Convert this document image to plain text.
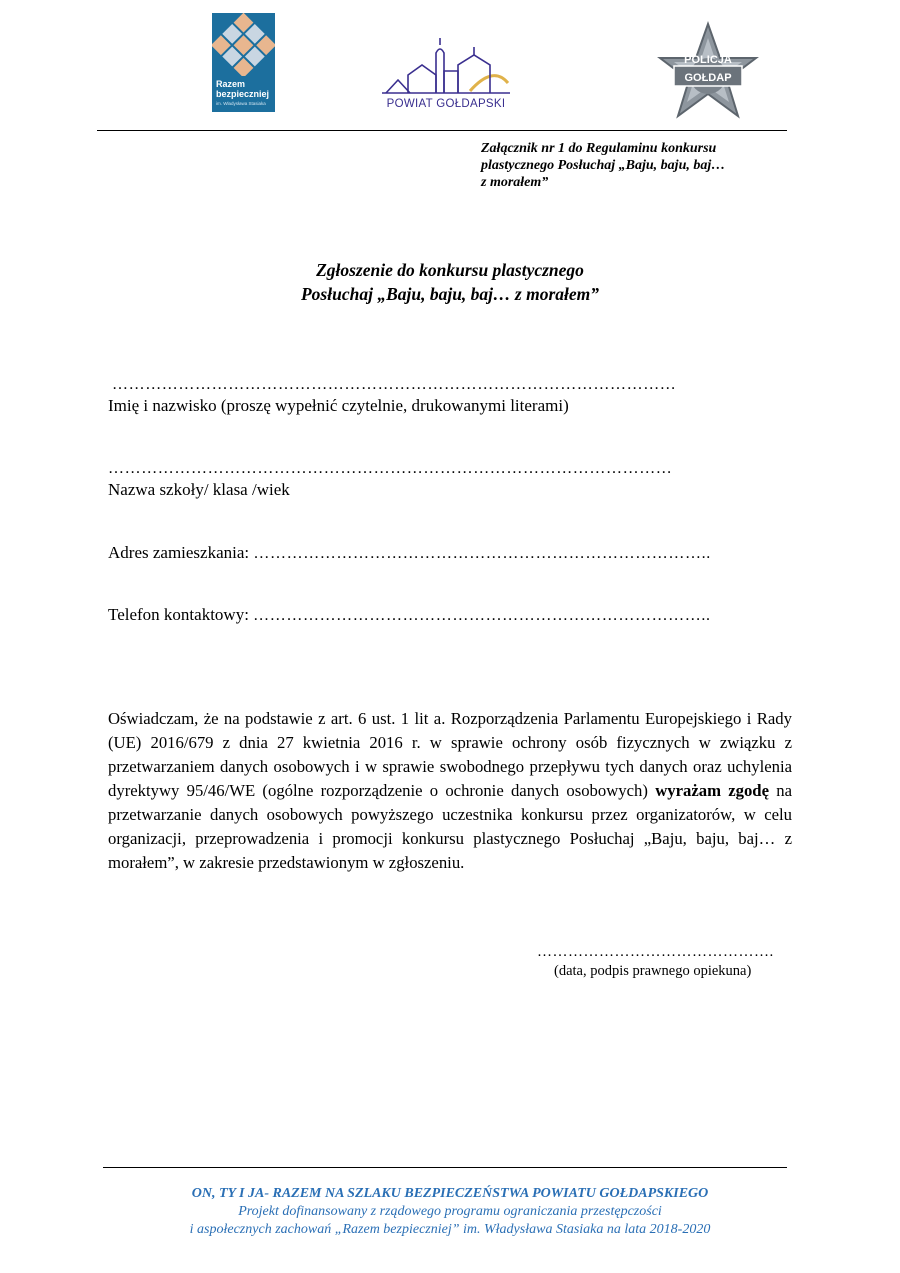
Razem
bezpieczniej
im. Władysława Stasiaka	POWIAT GOŁDAPSKI
POLICJA
GOŁDAP
Załącznik nr 1 do Regulaminu konkursu
plastycznego Posłuchaj „Baju, baju, baj…
z morałem”
Zgłoszenie do konkursu plastycznego
Posłuchaj „Baju, baju, baj… z morałem”
…………………………………………………………………………………………
Imię i nazwisko (proszę wypełnić czytelnie, drukowanymi literami)
…………………………………………………………………………………………
Nazwa szkoły/ klasa /wiek
Adres zamieszkania: ………………………………………………………………………..
Telefon kontaktowy: ………………………………………………………………………..
Oświadczam, że na podstawie z art. 6 ust. 1 lit a. Rozporządzenia Parlamentu Europejskiego i Rady (UE) 2016/679 z dnia 27 kwietnia 2016 r. w sprawie ochrony osób fizycznych w związku z przetwarzaniem danych osobowych i w sprawie swobodnego przepływu tych danych oraz uchylenia dyrektywy 95/46/WE (ogólne rozporządzenie o ochronie danych osobowych) wyrażam zgodę na przetwarzanie danych osobowych powyższego uczestnika konkursu przez organizatorów, w celu organizacji, przeprowadzenia i promocji konkursu plastycznego Posłuchaj „Baju, baju, baj… z morałem”, w zakresie przedstawionym w zgłoszeniu.
……………………………………….
(data, podpis prawnego opiekuna)
ON, TY I JA- RAZEM NA SZLAKU BEZPIECZEŃSTWA POWIATU GOŁDAPSKIEGO
Projekt dofinansowany z rządowego programu ograniczania przestępczości
i aspołecznych zachowań „Razem bezpieczniej” im. Władysława Stasiaka na lata 2018-2020
